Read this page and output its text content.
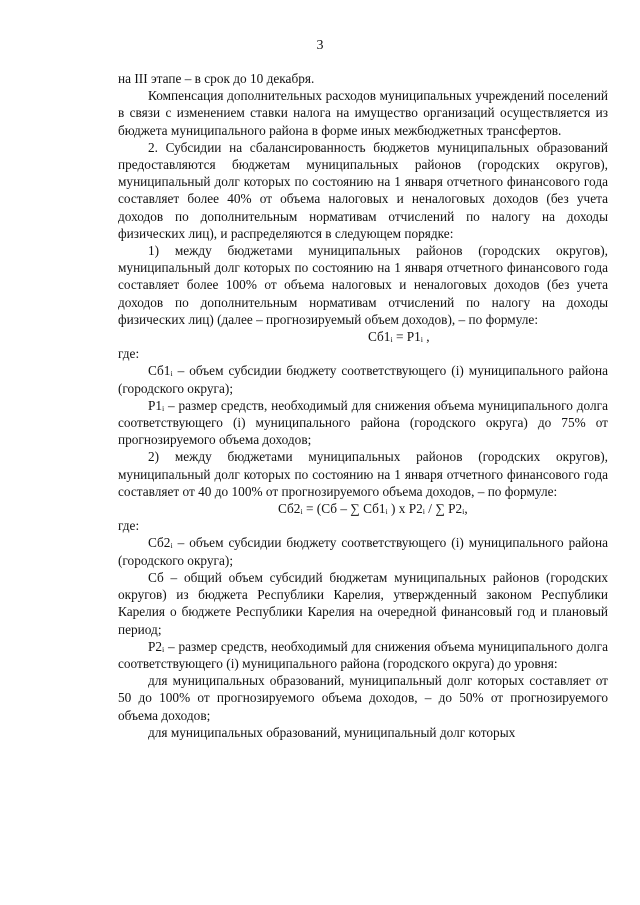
3

на III этапе – в срок до 10 декабря.

Компенсация дополнительных расходов муниципальных учреждений поселений в связи с изменением ставки налога на имущество организаций осуществляется из бюджета муниципального района в форме иных межбюджетных трансфертов.

2. Субсидии на сбалансированность бюджетов муниципальных образований предоставляются бюджетам муниципальных районов (городских округов), муниципальный долг которых по состоянию на 1 января отчетного финансового года составляет более 40% от объема налоговых и неналоговых доходов (без учета доходов по дополнительным нормативам отчислений по налогу на доходы физических лиц), и распределяются в следующем порядке:

1) между бюджетами муниципальных районов (городских округов), муниципальный долг которых по состоянию на 1 января отчетного финансового года составляет более 100% от объема налоговых и неналоговых доходов (без учета доходов по дополнительным нормативам отчислений по налогу на доходы физических лиц) (далее – прогнозируемый объем доходов), – по формуле:

Сб1ᵢ = Р1ᵢ ,

где:

Сб1ᵢ – объем субсидии бюджету соответствующего (i) муниципального района (городского округа);

Р1ᵢ – размер средств, необходимый для снижения объема муниципального долга соответствующего (i) муниципального района (городского округа) до 75% от прогнозируемого объема доходов;

2) между бюджетами муниципальных районов (городских округов), муниципальный долг которых по состоянию на 1 января отчетного финансового года составляет от 40 до 100% от прогнозируемого объема доходов, – по формуле:

Сб2ᵢ = (Сб – ∑ Сб1ᵢ ) х Р2ᵢ / ∑ Р2ᵢ,

где:

Сб2ᵢ – объем субсидии бюджету соответствующего (i) муниципального района (городского округа);

Сб – общий объем субсидий бюджетам муниципальных районов (городских округов) из бюджета Республики Карелия, утвержденный законом Республики Карелия о бюджете Республики Карелия на очередной финансовый год и плановый период;

Р2ᵢ – размер средств, необходимый для снижения объема муниципального долга соответствующего (i) муниципального района (городского округа) до уровня:

для муниципальных образований, муниципальный долг которых составляет от 50 до 100% от прогнозируемого объема доходов, – до 50% от прогнозируемого объема доходов;

для муниципальных образований, муниципальный долг которых
